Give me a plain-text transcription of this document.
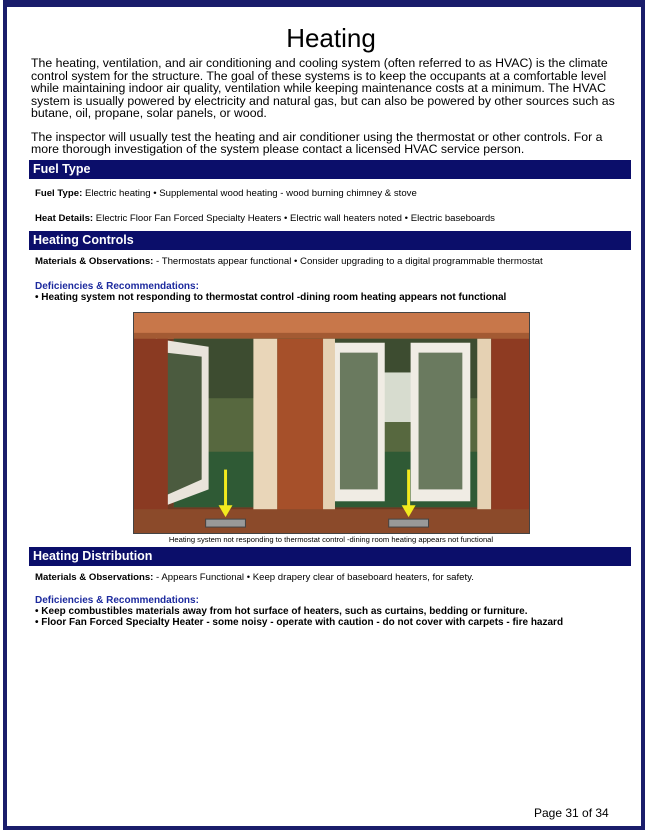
Heating

The heating, ventilation, and air conditioning and cooling system (often referred to as HVAC) is the climate control system for the structure. The goal of these systems is to keep the occupants at a comfortable level while maintaining indoor air quality, ventilation while keeping maintenance costs at a minimum. The HVAC system is usually powered by electricity and natural gas, but can also be powered by other sources such as butane, oil, propane, solar panels, or wood.

The inspector will usually test the heating and air conditioner using the thermostat or other controls. For a more thorough investigation of the system please contact a licensed HVAC service person.

Fuel Type
Fuel Type: Electric heating • Supplemental wood heating - wood burning chimney & stove
Heat Details: Electric Floor Fan Forced Specialty Heaters • Electric wall heaters noted • Electric baseboards
Heating Controls
Materials & Observations: - Thermostats appear functional • Consider upgrading to a digital programmable thermostat
Deficiencies & Recommendations:
• Heating system not responding to thermostat control -dining room heating appears not functional
Heating system not responding to thermostat control -dining room heating appears not functional
Heating Distribution
Materials & Observations: - Appears Functional • Keep drapery clear of baseboard heaters, for safety.
Deficiencies & Recommendations:
• Keep combustibles materials away from hot surface of heaters, such as curtains, bedding or furniture.
• Floor Fan Forced Specialty Heater - some noisy - operate with caution - do not cover with carpets - fire hazard
Page 31 of 34
